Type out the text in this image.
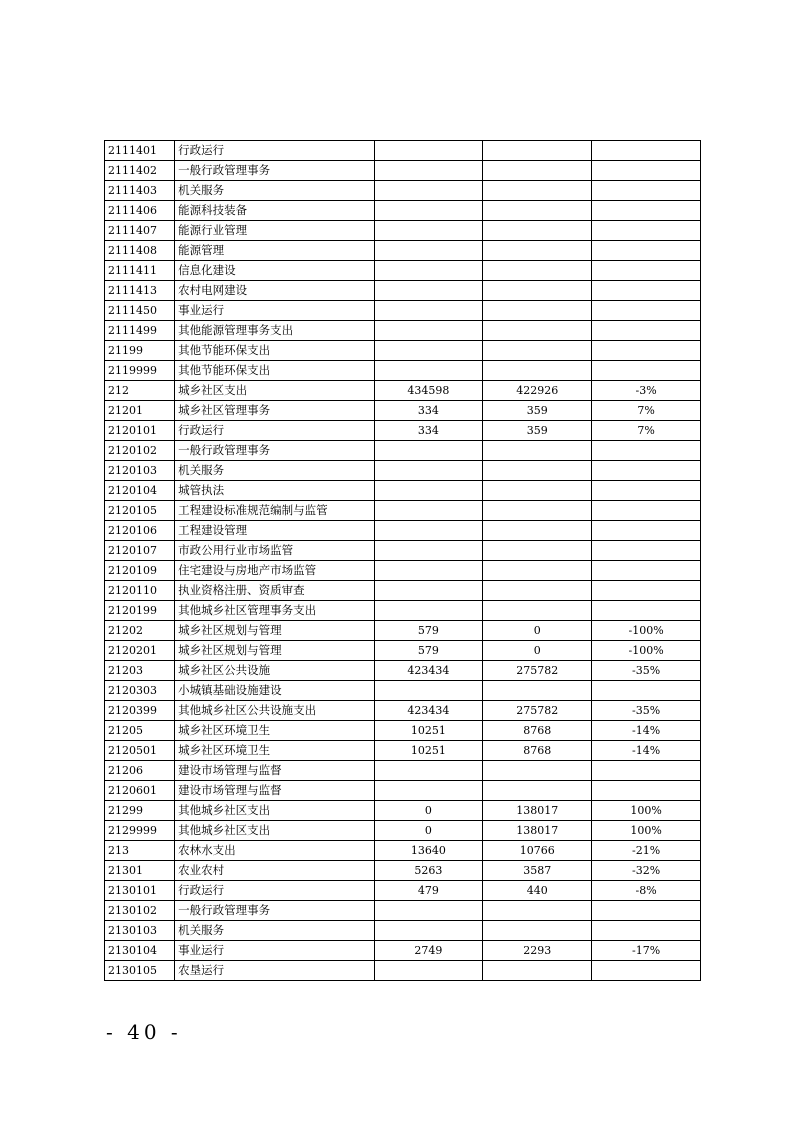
2111401	行政运行			
2111402	一般行政管理事务			
2111403	机关服务			
2111406	能源科技装备			
2111407	能源行业管理			
2111408	能源管理			
2111411	信息化建设			
2111413	农村电网建设			
2111450	事业运行			
2111499	其他能源管理事务支出			
21199	其他节能环保支出			
2119999	其他节能环保支出			
212	城乡社区支出	434598	422926	-3%
21201	城乡社区管理事务	334	359	7%
2120101	行政运行	334	359	7%
2120102	一般行政管理事务			
2120103	机关服务			
2120104	城管执法			
2120105	工程建设标准规范编制与监管			
2120106	工程建设管理			
2120107	市政公用行业市场监管			
2120109	住宅建设与房地产市场监管			
2120110	执业资格注册、资质审查			
2120199	其他城乡社区管理事务支出			
21202	城乡社区规划与管理	579	0	-100%
2120201	城乡社区规划与管理	579	0	-100%
21203	城乡社区公共设施	423434	275782	-35%
2120303	小城镇基础设施建设			
2120399	其他城乡社区公共设施支出	423434	275782	-35%
21205	城乡社区环境卫生	10251	8768	-14%
2120501	城乡社区环境卫生	10251	8768	-14%
21206	建设市场管理与监督			
2120601	建设市场管理与监督			
21299	其他城乡社区支出	0	138017	100%
2129999	其他城乡社区支出	0	138017	100%
213	农林水支出	13640	10766	-21%
21301	农业农村	5263	3587	-32%
2130101	行政运行	479	440	-8%
2130102	一般行政管理事务			
2130103	机关服务			
2130104	事业运行	2749	2293	-17%
2130105	农垦运行			
- 40 -
